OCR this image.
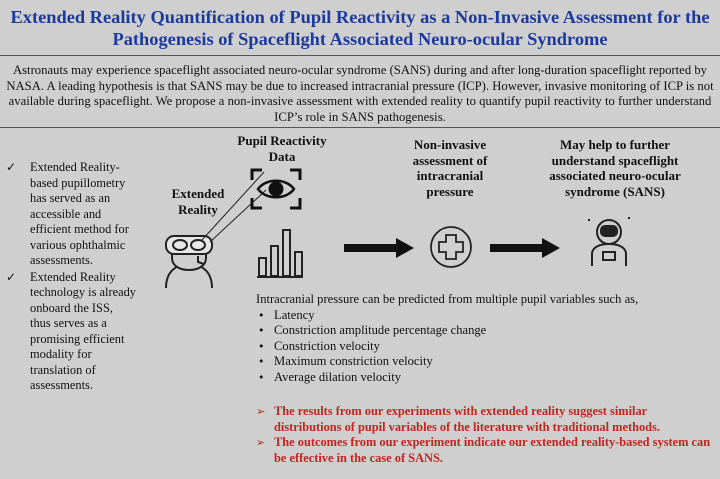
Extended Reality Quantification of Pupil Reactivity as a Non-Invasive Assessment for the Pathogenesis of Spaceflight Associated Neuro-ocular Syndrome
Astronauts may experience spaceflight associated neuro-ocular syndrome (SANS) during and after long-duration spaceflight reported by NASA. A leading hypothesis is that SANS may be due to increased intracranial pressure (ICP). However, invasive monitoring of ICP is not available during spaceflight. We propose a non-invasive assessment with extended reality to quantify pupil reactivity to further understand ICP’s role in SANS pathogenesis.
✓ Extended Reality-based pupillometry has served as an accessible and efficient method for various ophthalmic assessments.
✓ Extended Reality technology is already onboard the ISS, thus serves as a promising efficient modality for translation of assessments.
Extended Reality
Pupil Reactivity Data
Non-invasive assessment of intracranial pressure
May help to further understand spaceflight associated neuro-ocular syndrome (SANS)
Intracranial pressure can be predicted from multiple pupil variables such as,
• Latency
• Constriction amplitude percentage change
• Constriction velocity
• Maximum constriction velocity
• Average dilation velocity
➢ The results from our experiments with extended reality suggest similar distributions of pupil variables of the literature with traditional methods.
➢ The outcomes from our experiment indicate our extended reality-based system can be effective in the case of SANS.
